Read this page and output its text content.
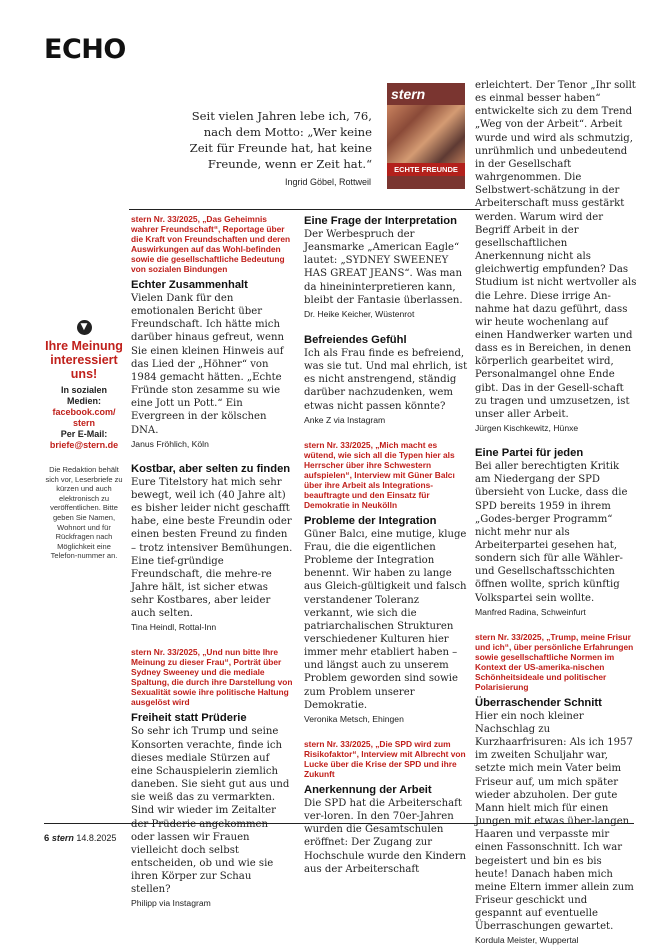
ECHO
Seit vielen Jahren lebe ich, 76, nach dem Motto: „Wer keine Zeit für Freunde hat, hat keine Freunde, wenn er Zeit hat.“
Ingrid Göbel, Rottweil
stern
ECHTE FREUNDE
▼
Ihre Meinung interessiert uns!
In sozialen Medien:
facebook.com/ stern
Per E-Mail:
briefe@stern.de
Die Redaktion behält sich vor, Leserbriefe zu kürzen und auch elektronisch zu veröffentlichen. Bitte geben Sie Namen, Wohnort und für Rückfragen nach Möglichkeit eine Telefon-nummer an.

stern Nr. 33/2025, „Das Geheimnis wahrer Freundschaft“, Reportage über die Kraft von Freundschaften und deren Auswirkungen auf das Wohl-befinden sowie die gesellschaftliche Bedeutung von sozialen Bindungen

Echter Zusammenhalt

Vielen Dank für den emotionalen Bericht über Freundschaft. Ich hätte mich darüber hinaus gefreut, wenn Sie einen kleinen Hinweis auf das Lied der „Höhner“ von 1984 gemacht hätten. „Echte Fründe ston zesamme su wie eine Jott un Pott.“ Ein Evergreen in der kölschen DNA.

Janus Fröhlich, Köln

Kostbar, aber selten zu finden

Eure Titelstory hat mich sehr bewegt, weil ich (40 Jahre alt) es bisher leider nicht geschafft habe, eine beste Freundin oder einen besten Freund zu finden – trotz intensiver Bemühungen. Eine tief-gründige Freundschaft, die mehre-re Jahre hält, ist sicher etwas sehr Kostbares, aber leider auch selten.

Tina Heindl, Rottal-Inn

stern Nr. 33/2025, „Und nun bitte Ihre Meinung zu dieser Frau“, Porträt über Sydney Sweeney und die mediale Spaltung, die durch ihre Darstellung von Sexualität sowie ihre politische Haltung ausgelöst wird

Freiheit statt Prüderie

So sehr ich Trump und seine Konsorten verachte, finde ich dieses mediale Stürzen auf eine Schauspielerin ziemlich daneben. Sie sieht gut aus und sie weiß das zu vermarkten. Sind wir wieder im Zeitalter der Prüderie angekommen oder lassen wir Frauen vielleicht doch selbst entscheiden, ob und wie sie ihren Körper zur Schau stellen?

Philipp via Instagram

Eine Frage der Interpretation

Der Werbespruch der Jeansmarke „American Eagle“ lautet: „SYDNEY SWEENEY HAS GREAT JEANS“. Was man da hineininterpretieren kann, bleibt der Fantasie überlassen.

Dr. Heike Keicher, Wüstenrot

Befreiendes Gefühl

Ich als Frau finde es befreiend, was sie tut. Und mal ehrlich, ist es nicht anstrengend, ständig darüber nachzudenken, wem etwas nicht passen könnte?

Anke Z via Instagram

stern Nr. 33/2025, „Mich macht es wütend, wie sich all die Typen hier als Herrscher über ihre Schwestern aufspielen“, Interview mit Güner Balcı über ihre Arbeit als Integrations-beauftragte und den Einsatz für Demokratie in Neukölln

Probleme der Integration

Güner Balcı, eine mutige, kluge Frau, die die eigentlichen Probleme der Integration benennt. Wir haben zu lange aus Gleich-gültigkeit und falsch verstandener Toleranz verkannt, wie sich die patriarchalischen Strukturen verschiedener Kulturen hier immer mehr etabliert haben – und längst auch zu unserem Problem geworden sind sowie zum Problem unserer Demokratie.

Veronika Metsch, Ehingen

stern Nr. 33/2025, „Die SPD wird zum Risikofaktor“, Interview mit Albrecht von Lucke über die Krise der SPD und ihre Zukunft

Anerkennung der Arbeit

Die SPD hat die Arbeiterschaft ver-loren. In den 70er-Jahren wurden die Gesamtschulen eröffnet: Der Zugang zur Hochschule wurde den Kindern aus der Arbeiterschaft

erleichtert. Der Tenor „Ihr sollt es einmal besser haben“ entwickelte sich zu dem Trend „Weg von der Arbeit“. Arbeit wurde und wird als schmutzig, unrühmlich und unbedeutend in der Gesellschaft wahrgenommen. Die Selbstwert-schätzung in der Arbeiterschaft muss gestärkt werden. Warum wird der Begriff Arbeit in der gesellschaftlichen Anerkennung nicht als gleichwertig empfunden? Das Studium ist nicht wertvoller als die Lehre. Diese irrige An-nahme hat dazu geführt, dass wir heute wochenlang auf einen Handwerker warten und dass es in Bereichen, in denen körperlich gearbeitet wird, Personalmangel ohne Ende gibt. Das in der Gesell-schaft zu tragen und umzusetzen, ist unser aller Arbeit.

Jürgen Kischkewitz, Hünxe

Eine Partei für jeden

Bei aller berechtigten Kritik am Niedergang der SPD übersieht von Lucke, dass die SPD bereits 1959 in ihrem „Godes-berger Programm“ nicht mehr nur als Arbeiterpartei gesehen hat, sondern sich für alle Wähler-und Gesellschaftsschichten öffnen wollte, sprich künftig Volkspartei sein wollte.

Manfred Radina, Schweinfurt

stern Nr. 33/2025, „Trump, meine Frisur und ich“, über persönliche Erfahrungen sowie gesellschaftliche Normen im Kontext der US-amerika-nischen Schönheitsideale und politischer Polarisierung

Überraschender Schnitt

Hier ein noch kleiner Nachschlag zu Kurzhaarfrisuren: Als ich 1957 im zweiten Schuljahr war, setzte mich mein Vater beim Friseur auf, um mich später wieder abzuholen. Der gute Mann hielt mich für einen Jungen mit etwas über-langen Haaren und verpasste mir einen Fassonschnitt. Ich war begeistert und bin es bis heute! Danach haben mich meine Eltern immer allein zum Friseur geschickt und gespannt auf eventuelle Überraschungen gewartet.

Kordula Meister, Wuppertal

6 stern 14.8.2025
